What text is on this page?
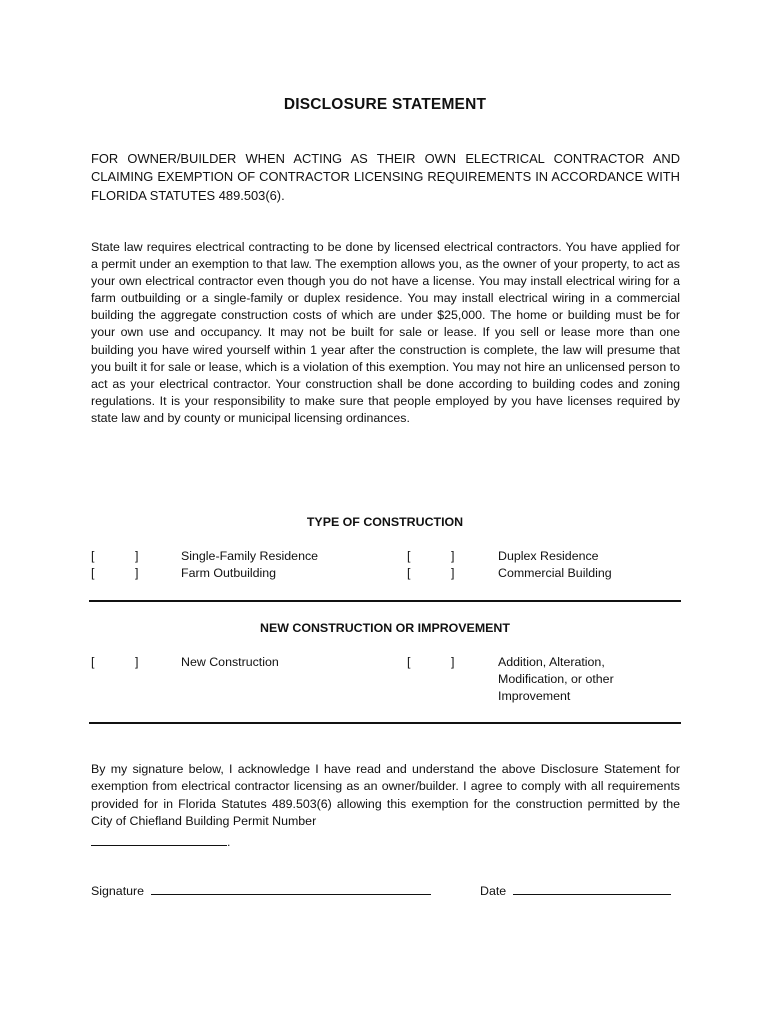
DISCLOSURE STATEMENT
FOR OWNER/BUILDER WHEN ACTING AS THEIR OWN ELECTRICAL CONTRACTOR AND CLAIMING EXEMPTION OF CONTRACTOR LICENSING REQUIREMENTS IN ACCORDANCE WITH FLORIDA STATUTES 489.503(6).
State law requires electrical contracting to be done by licensed electrical contractors. You have applied for a permit under an exemption to that law. The exemption allows you, as the owner of your property, to act as your own electrical contractor even though you do not have a license. You may install electrical wiring for a farm outbuilding or a single-family or duplex residence. You may install electrical wiring in a commercial building the aggregate construction costs of which are under $25,000. The home or building must be for your own use and occupancy. It may not be built for sale or lease. If you sell or lease more than one building you have wired yourself within 1 year after the construction is complete, the law will presume that you built it for sale or lease, which is a violation of this exemption. You may not hire an unlicensed person to act as your electrical contractor. Your construction shall be done according to building codes and zoning regulations. It is your responsibility to make sure that people employed by you have licenses required by state law and by county or municipal licensing ordinances.
TYPE OF CONSTRUCTION
[	]	Single-Family Residence	[	]	Duplex Residence
[	]	Farm Outbuilding	[	]	Commercial Building
NEW CONSTRUCTION OR IMPROVEMENT
[	]	New Construction	[	]	Addition, Alteration,
Modification, or other
Improvement
By my signature below, I acknowledge I have read and understand the above Disclosure Statement for exemption from electrical contractor licensing as an owner/builder. I agree to comply with all requirements provided for in Florida Statutes 489.503(6) allowing this exemption for the construction permitted by the City of Chiefland Building Permit Number
.
Signature	Date
